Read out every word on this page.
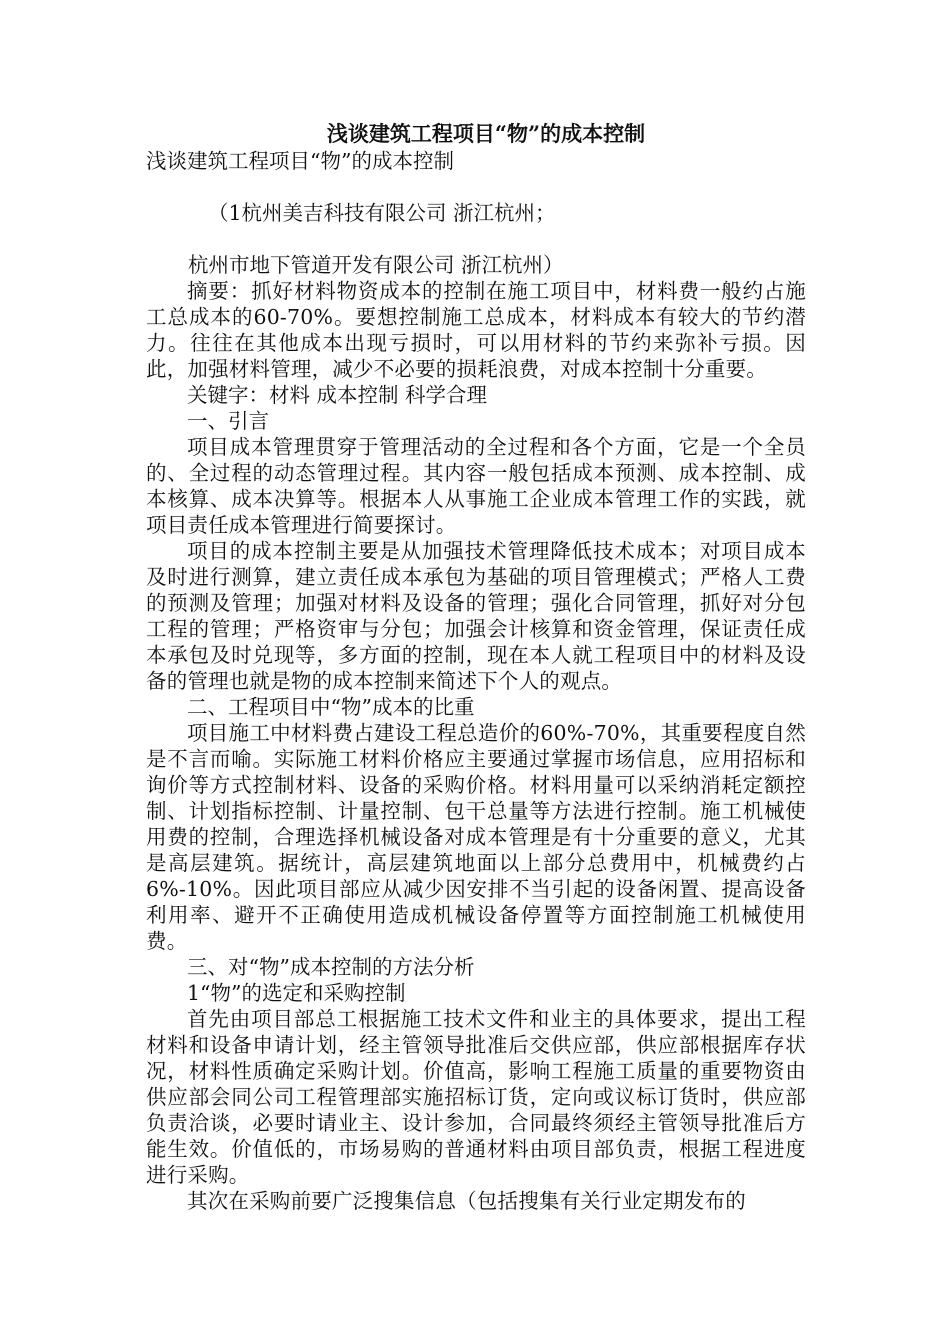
浅谈建筑工程项目“物”的成本控制

浅谈建筑工程项目“物”的成本控制

（1杭州美吉科技有限公司 浙江杭州；

杭州市地下管道开发有限公司 浙江杭州）

摘要：抓好材料物资成本的控制在施工项目中，材料费一般约占施工总成本的60-70%。要想控制施工总成本，材料成本有较大的节约潜力。往往在其他成本出现亏损时，可以用材料的节约来弥补亏损。因此，加强材料管理，减少不必要的损耗浪费，对成本控制十分重要。

关键字：材料 成本控制 科学合理

一、引言

项目成本管理贯穿于管理活动的全过程和各个方面，它是一个全员的、全过程的动态管理过程。其内容一般包括成本预测、成本控制、成本核算、成本决算等。根据本人从事施工企业成本管理工作的实践，就项目责任成本管理进行简要探讨。

项目的成本控制主要是从加强技术管理降低技术成本；对项目成本及时进行测算，建立责任成本承包为基础的项目管理模式；严格人工费的预测及管理；加强对材料及设备的管理；强化合同管理，抓好对分包工程的管理；严格资审与分包；加强会计核算和资金管理，保证责任成本承包及时兑现等，多方面的控制，现在本人就工程项目中的材料及设备的管理也就是物的成本控制来简述下个人的观点。

二、工程项目中“物”成本的比重

项目施工中材料费占建设工程总造价的60%-70%，其重要程度自然是不言而喻。实际施工材料价格应主要通过掌握市场信息，应用招标和询价等方式控制材料、设备的采购价格。材料用量可以采纳消耗定额控制、计划指标控制、计量控制、包干总量等方法进行控制。施工机械使用费的控制，合理选择机械设备对成本管理是有十分重要的意义，尤其是高层建筑。据统计，高层建筑地面以上部分总费用中，机械费约占6%-10%。因此项目部应从减少因安排不当引起的设备闲置、提高设备利用率、避开不正确使用造成机械设备停置等方面控制施工机械使用费。

三、对“物”成本控制的方法分析

1“物”的选定和采购控制

首先由项目部总工根据施工技术文件和业主的具体要求，提出工程材料和设备申请计划，经主管领导批准后交供应部，供应部根据库存状况，材料性质确定采购计划。价值高，影响工程施工质量的重要物资由供应部会同公司工程管理部实施招标订货，定向或议标订货时，供应部负责洽谈，必要时请业主、设计参加，合同最终须经主管领导批准后方能生效。价值低的，市场易购的普通材料由项目部负责，根据工程进度进行采购。

其次在采购前要广泛搜集信息（包括搜集有关行业定期发布的
